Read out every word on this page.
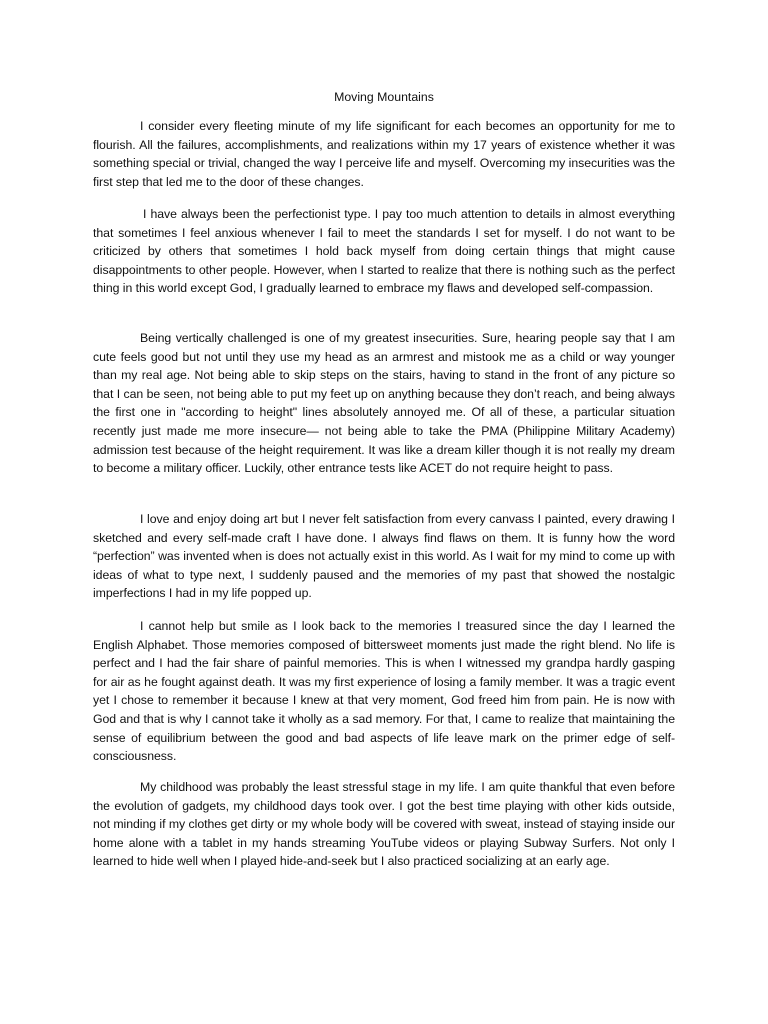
Moving Mountains

I consider every fleeting minute of my life significant for each becomes an opportunity for me to flourish. All the failures, accomplishments, and realizations within my 17 years of existence whether it was something special or trivial, changed the way I perceive life and myself. Overcoming my insecurities was the first step that led me to the door of these changes.

I have always been the perfectionist type. I pay too much attention to details in almost everything that sometimes I feel anxious whenever I fail to meet the standards I set for myself. I do not want to be criticized by others that sometimes I hold back myself from doing certain things that might cause disappointments to other people. However, when I started to realize that there is nothing such as the perfect thing in this world except God, I gradually learned to embrace my flaws and developed self-compassion.

Being vertically challenged is one of my greatest insecurities. Sure, hearing people say that I am cute feels good but not until they use my head as an armrest and mistook me as a child or way younger than my real age. Not being able to skip steps on the stairs, having to stand in the front of any picture so that I can be seen, not being able to put my feet up on anything because they don’t reach, and being always the first one in "according to height" lines absolutely annoyed me. Of all of these, a particular situation recently just made me more insecure— not being able to take the PMA (Philippine Military Academy) admission test because of the height requirement. It was like a dream killer though it is not really my dream to become a military officer. Luckily, other entrance tests like ACET do not require height to pass.

I love and enjoy doing art but I never felt satisfaction from every canvass I painted, every drawing I sketched and every self-made craft I have done. I always find flaws on them. It is funny how the word “perfection” was invented when is does not actually exist in this world. As I wait for my mind to come up with ideas of what to type next, I suddenly paused and the memories of my past that showed the nostalgic imperfections I had in my life popped up.

I cannot help but smile as I look back to the memories I treasured since the day I learned the English Alphabet. Those memories composed of bittersweet moments just made the right blend. No life is perfect and I had the fair share of painful memories. This is when I witnessed my grandpa hardly gasping for air as he fought against death. It was my first experience of losing a family member. It was a tragic event yet I chose to remember it because I knew at that very moment, God freed him from pain. He is now with God and that is why I cannot take it wholly as a sad memory. For that, I came to realize that maintaining the sense of equilibrium between the good and bad aspects of life leave mark on the primer edge of self-consciousness.

My childhood was probably the least stressful stage in my life. I am quite thankful that even before the evolution of gadgets, my childhood days took over. I got the best time playing with other kids outside, not minding if my clothes get dirty or my whole body will be covered with sweat, instead of staying inside our home alone with a tablet in my hands streaming YouTube videos or playing Subway Surfers. Not only I learned to hide well when I played hide-and-seek but I also practiced socializing at an early age.
